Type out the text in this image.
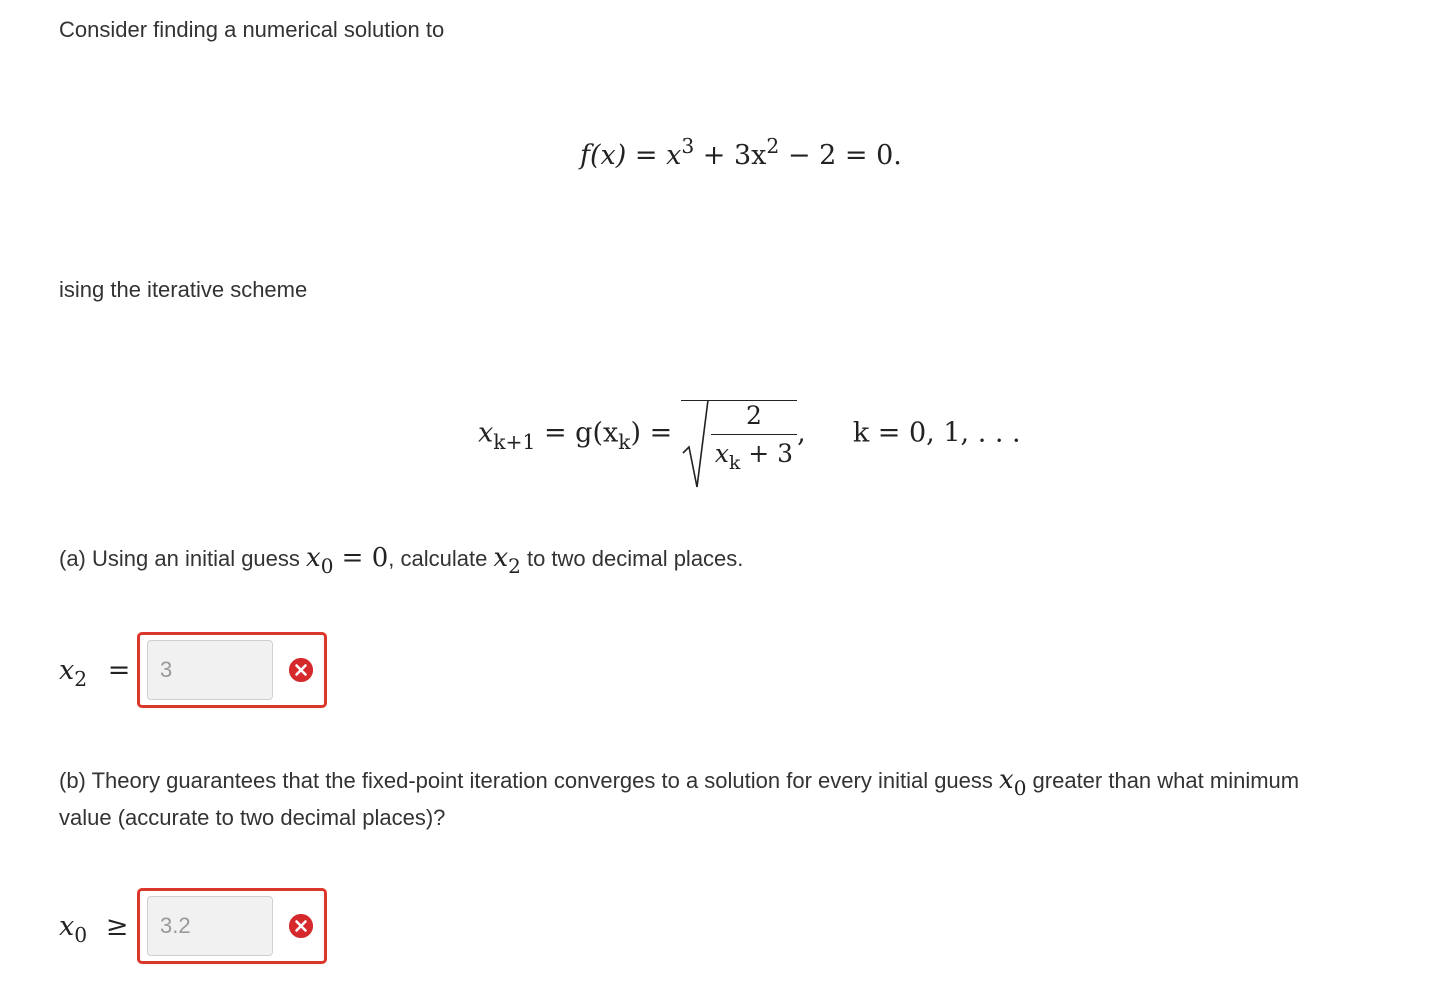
Consider finding a numerical solution to
$f(x) = x^3 + 3x^2 - 2 = 0$.
ising the iterative scheme
$x_{k+1} = g(x_k) = \frac{2}{x_k + 3}$ , k = 0, 1, . . .
(a) Using an initial guess x0 = 0, calculate x2 to two decimal places.
$x_2$ =
3
(b) Theory guarantees that the fixed-point iteration converges to a solution for every initial guess x0 greater than what minimum
value (accurate to two decimal places)?
$x_0$ ≥
3.2
